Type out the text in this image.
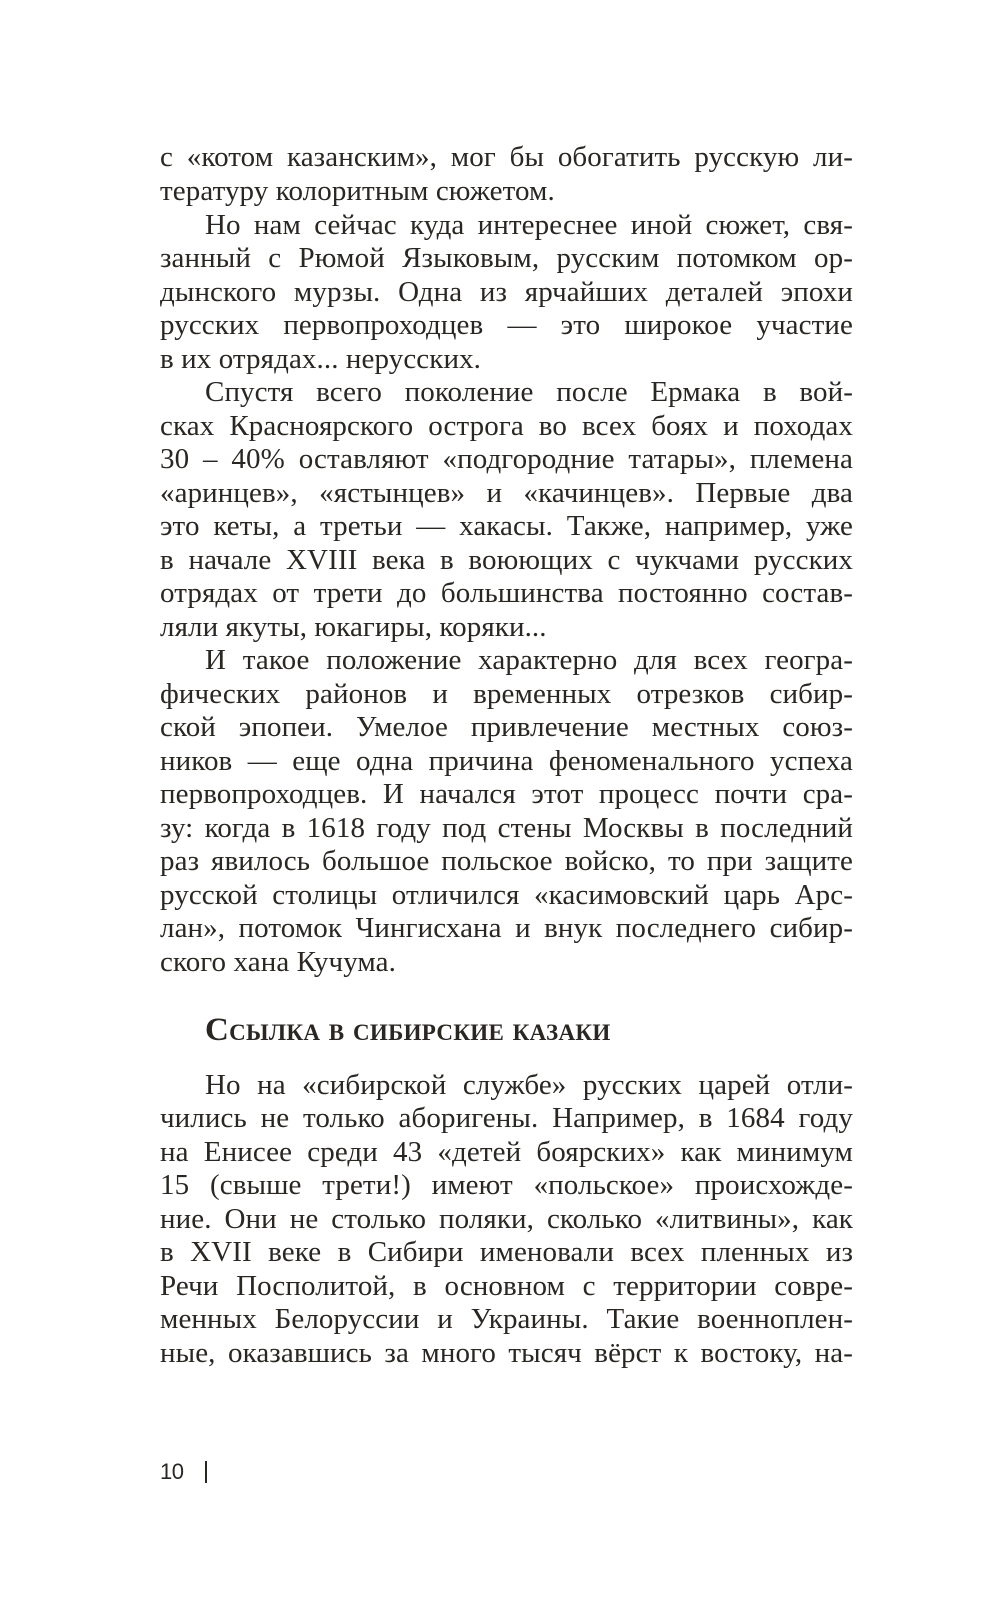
с «котом казанским», мог бы обогатить русскую ли-
тературу колоритным сюжетом.
Но нам сейчас куда интереснее иной сюжет, свя-
занный с Рюмой Языковым, русским потомком ор-
дынского мурзы. Одна из ярчайших деталей эпохи
русских первопроходцев — это широкое участие
в их отрядах... нерусских.
Спустя всего поколение после Ермака в вой-
сках Красноярского острога во всех боях и походах
30 – 40% оставляют «подгородние татары», племена
«аринцев», «ястынцев» и «качинцев». Первые два
это кеты, а третьи — хакасы. Также, например, уже
в начале XVIII века в воюющих с чукчами русских
отрядах от трети до большинства постоянно состав-
ляли якуты, юкагиры, коряки...
И такое положение характерно для всех геогра-
фических районов и временных отрезков сибир-
ской эпопеи. Умелое привлечение местных союз-
ников — еще одна причина феноменального успеха
первопроходцев. И начался этот процесс почти сра-
зу: когда в 1618 году под стены Москвы в последний
раз явилось большое польское войско, то при защите
русской столицы отличился «касимовский царь Арс-
лан», потомок Чингисхана и внук последнего сибир-
ского хана Кучума.
Ссылка в сибирские казаки
Но на «сибирской службе» русских царей отли-
чились не только аборигены. Например, в 1684 году
на Енисее среди 43 «детей боярских» как минимум
15 (свыше трети!) имеют «польское» происхожде-
ние. Они не столько поляки, сколько «литвины», как
в XVII веке в Сибири именовали всех пленных из
Речи Посполитой, в основном с территории совре-
менных Белоруссии и Украины. Такие военноплен-
ные, оказавшись за много тысяч вёрст к востоку, на-
10
